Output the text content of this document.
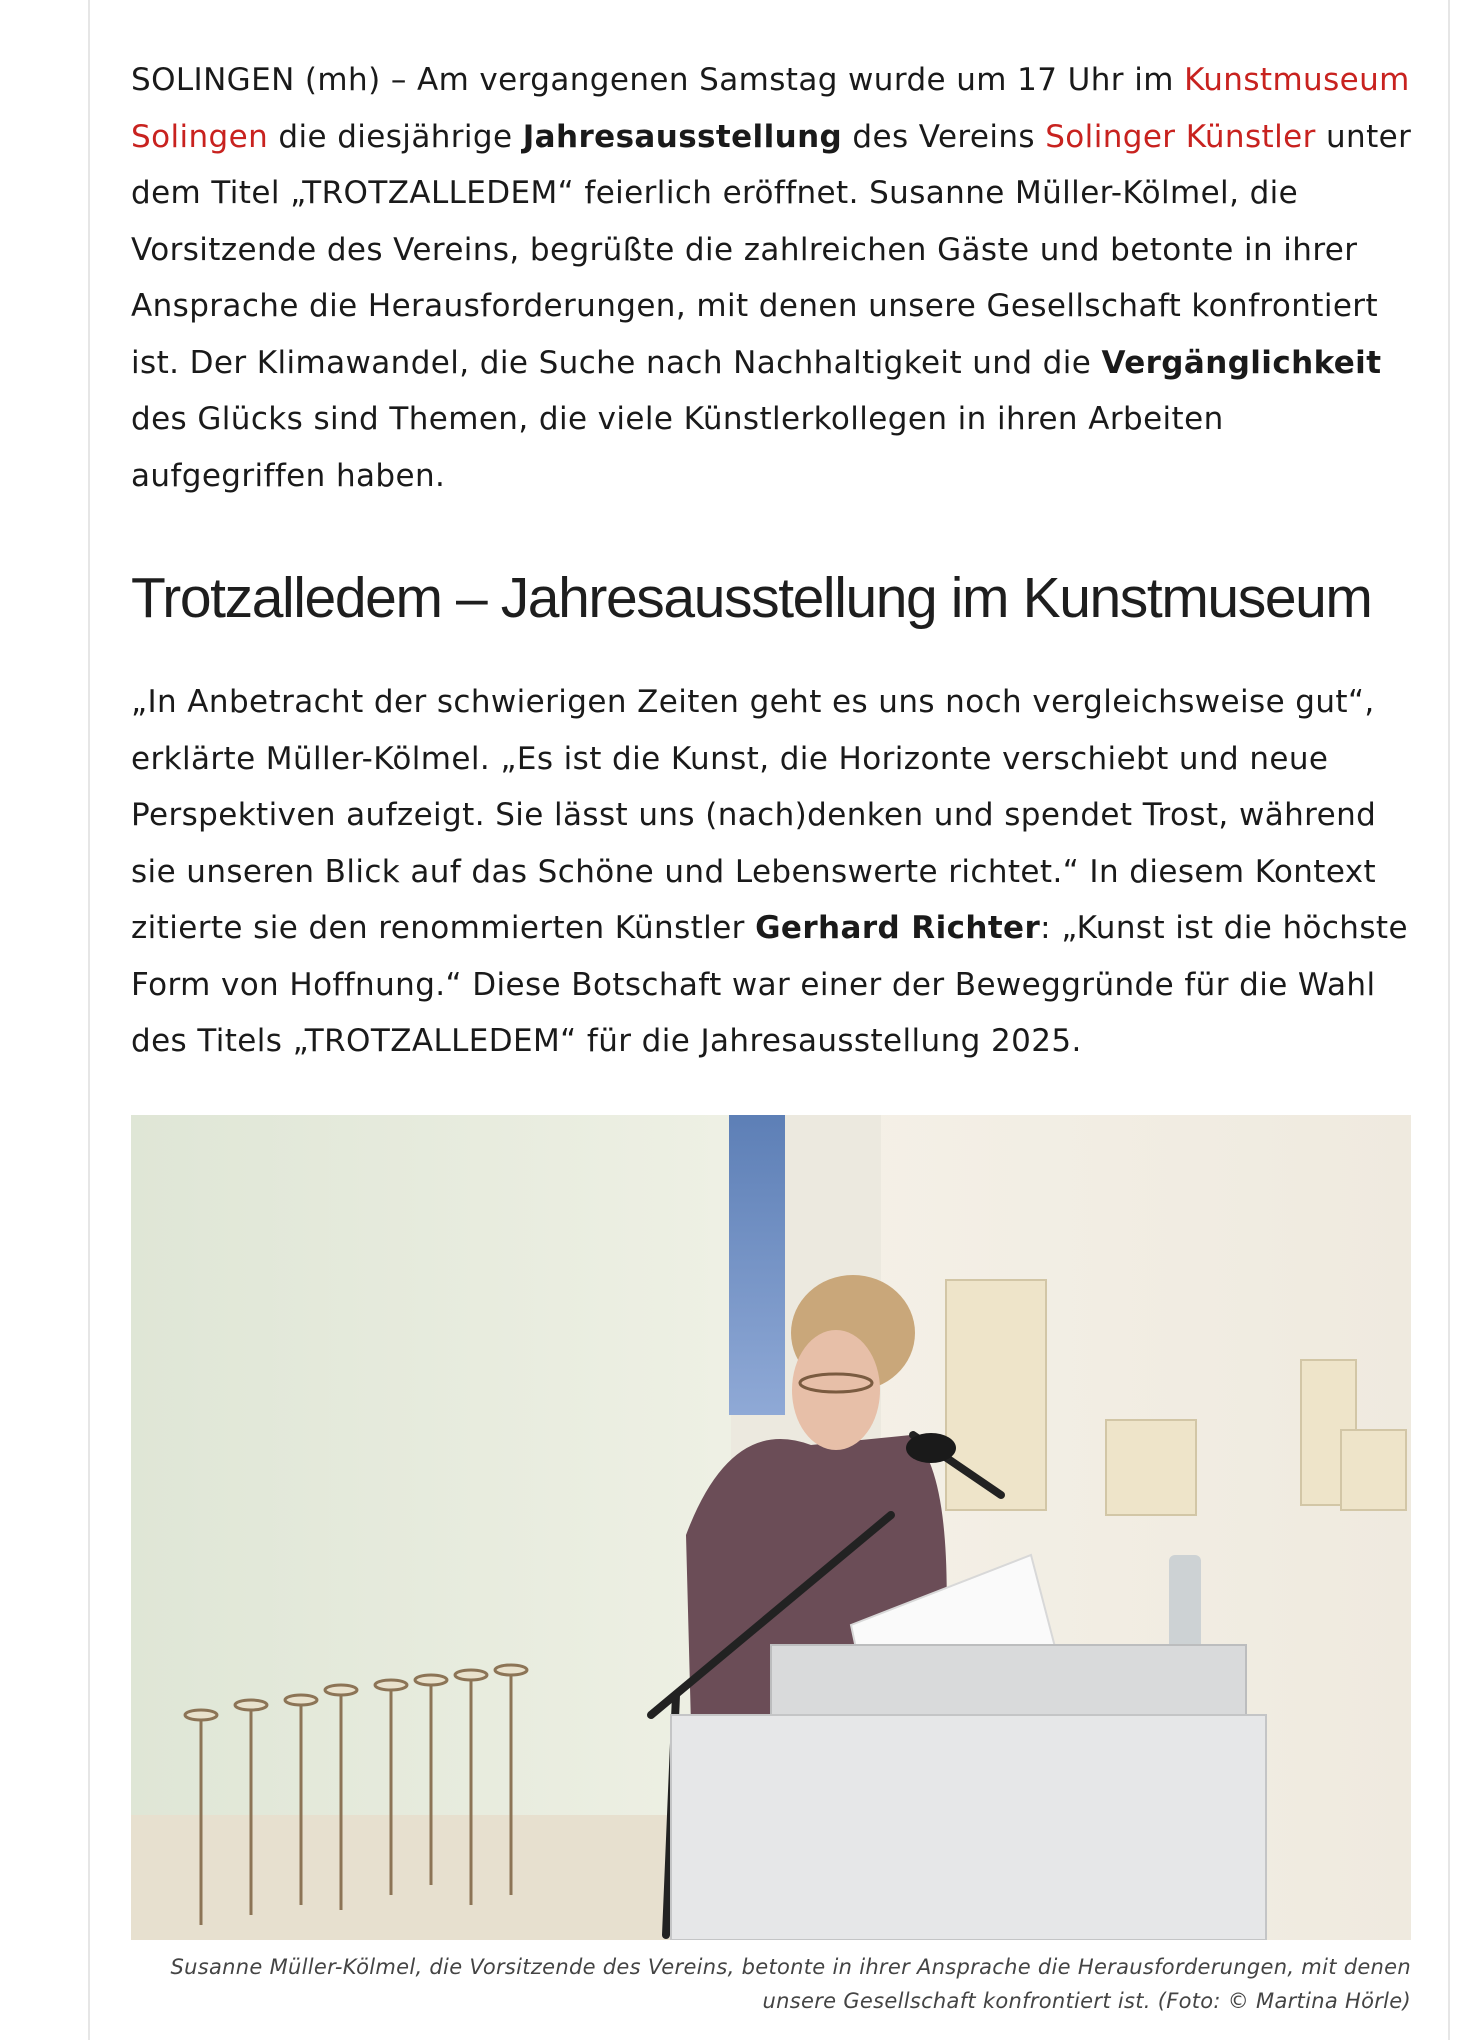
SOLINGEN (mh) – Am vergangenen Samstag wurde um 17 Uhr im Kunstmuseum Solingen die diesjährige Jahresausstellung des Vereins Solinger Künstler unter dem Titel „TROTZALLEDEM“ feierlich eröffnet. Susanne Müller-Kölmel, die Vorsitzende des Vereins, begrüßte die zahlreichen Gäste und betonte in ihrer Ansprache die Herausforderungen, mit denen unsere Gesellschaft konfrontiert ist. Der Klimawandel, die Suche nach Nachhaltigkeit und die Vergänglichkeit des Glücks sind Themen, die viele Künstlerkollegen in ihren Arbeiten aufgegriffen haben.

Trotzalledem – Jahresausstellung im Kunstmuseum

„In Anbetracht der schwierigen Zeiten geht es uns noch vergleichsweise gut“, erklärte Müller-Kölmel. „Es ist die Kunst, die Horizonte verschiebt und neue Perspektiven aufzeigt. Sie lässt uns (nach)denken und spendet Trost, während sie unseren Blick auf das Schöne und Lebenswerte richtet.“ In diesem Kontext zitierte sie den renommierten Künstler Gerhard Richter: „Kunst ist die höchste Form von Hoffnung.“ Diese Botschaft war einer der Beweggründe für die Wahl des Titels „TROTZALLEDEM“ für die Jahresausstellung 2025.

Susanne Müller-Kölmel, die Vorsitzende des Vereins, betonte in ihrer Ansprache die Herausforderungen, mit denen unsere Gesellschaft konfrontiert ist. (Foto: © Martina Hörle)
